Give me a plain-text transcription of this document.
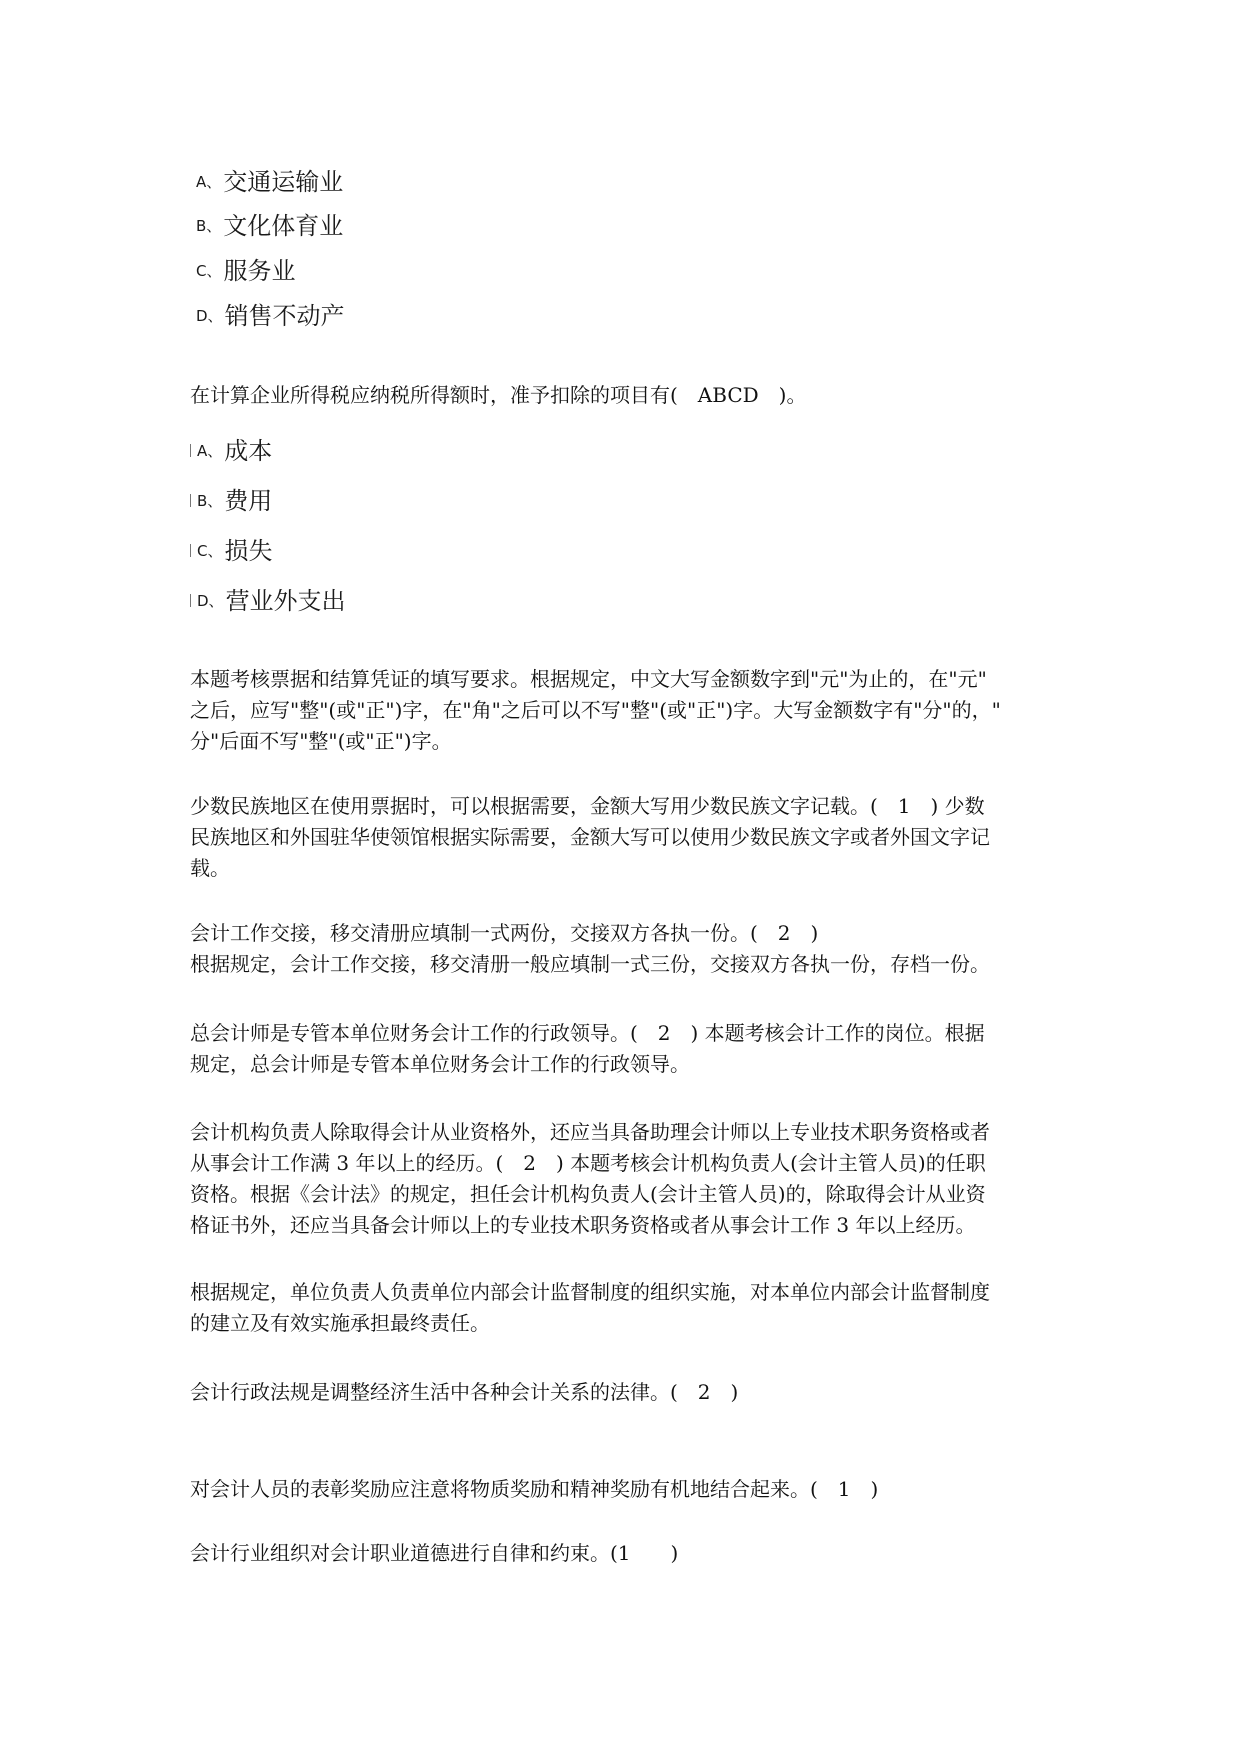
A、交通运输业
B、文化体育业
C、服务业
D、销售不动产

在计算企业所得税应纳税所得额时，准予扣除的项目有(　ABCD　)。

A、成本
B、费用
C、损失
D、营业外支出

本题考核票据和结算凭证的填写要求。根据规定，中文大写金额数字到"元"为止的，在"元"
之后，应写"整"(或"正")字，在"角"之后可以不写"整"(或"正")字。大写金额数字有"分"的，"
分"后面不写"整"(或"正")字。

少数民族地区在使用票据时，可以根据需要，金额大写用少数民族文字记载。(　1　) 少数
民族地区和外国驻华使领馆根据实际需要，金额大写可以使用少数民族文字或者外国文字记
载。

会计工作交接，移交清册应填制一式两份，交接双方各执一份。(　2　)
根据规定，会计工作交接，移交清册一般应填制一式三份，交接双方各执一份，存档一份。

总会计师是专管本单位财务会计工作的行政领导。(　2　) 本题考核会计工作的岗位。根据
规定，总会计师是专管本单位财务会计工作的行政领导。

会计机构负责人除取得会计从业资格外，还应当具备助理会计师以上专业技术职务资格或者
从事会计工作满 3 年以上的经历。(　2　) 本题考核会计机构负责人(会计主管人员)的任职
资格。根据《会计法》的规定，担任会计机构负责人(会计主管人员)的，除取得会计从业资
格证书外，还应当具备会计师以上的专业技术职务资格或者从事会计工作 3 年以上经历。

根据规定，单位负责人负责单位内部会计监督制度的组织实施，对本单位内部会计监督制度
的建立及有效实施承担最终责任。

会计行政法规是调整经济生活中各种会计关系的法律。(　2　)

对会计人员的表彰奖励应注意将物质奖励和精神奖励有机地结合起来。(　1　)

会计行业组织对会计职业道德进行自律和约束。(1　　)
